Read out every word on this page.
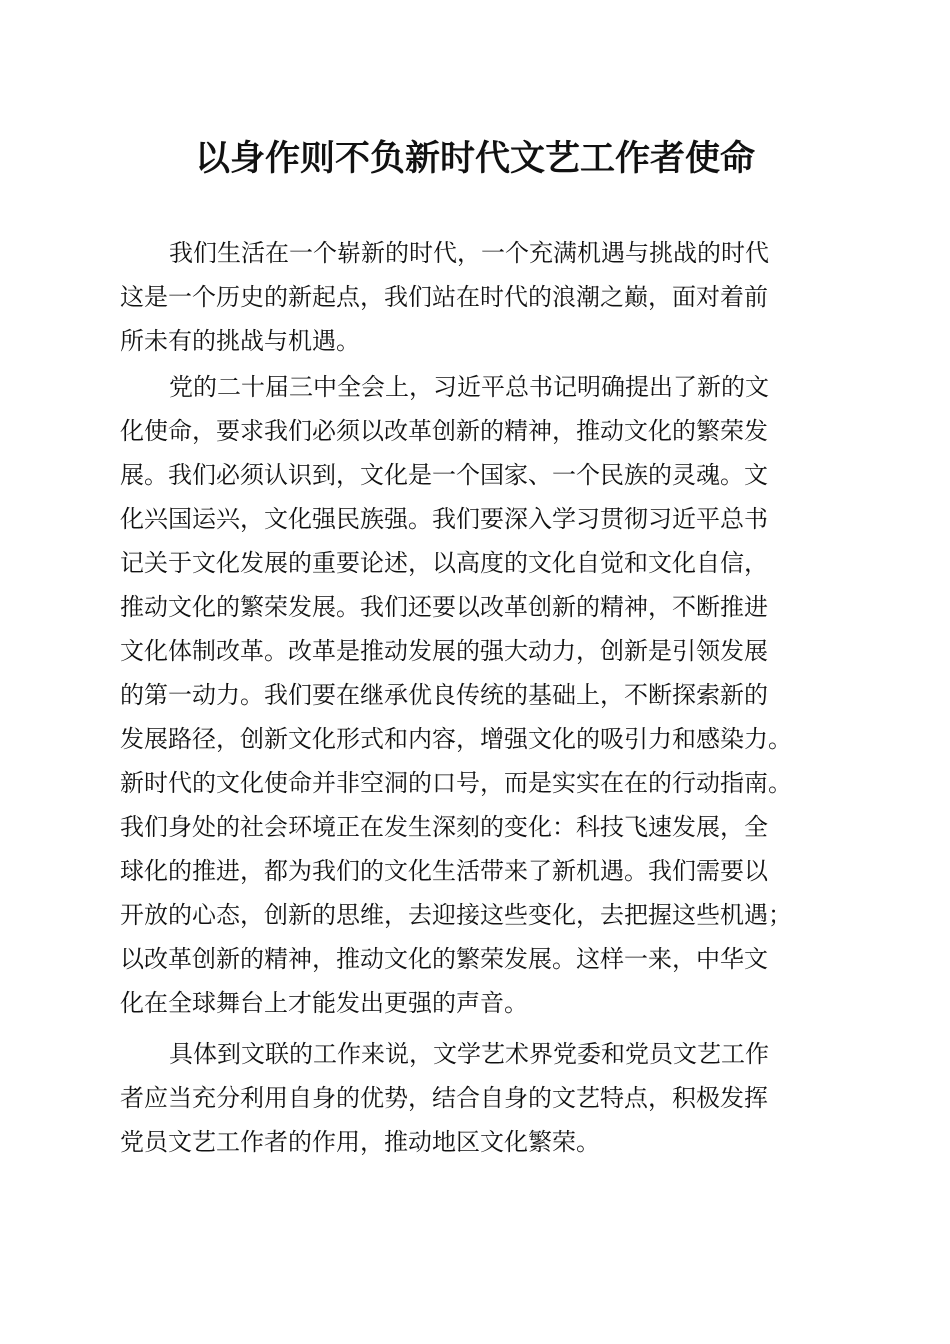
以身作则不负新时代文艺工作者使命

我们生活在一个崭新的时代，一个充满机遇与挑战的时代

这是一个历史的新起点，我们站在时代的浪潮之巅，面对着前

所未有的挑战与机遇。

党的二十届三中全会上，习近平总书记明确提出了新的文

化使命，要求我们必须以改革创新的精神，推动文化的繁荣发

展。我们必须认识到，文化是一个国家、一个民族的灵魂。文

化兴国运兴，文化强民族强。我们要深入学习贯彻习近平总书

记关于文化发展的重要论述，以高度的文化自觉和文化自信，

推动文化的繁荣发展。我们还要以改革创新的精神，不断推进

文化体制改革。改革是推动发展的强大动力，创新是引领发展

的第一动力。我们要在继承优良传统的基础上，不断探索新的

发展路径，创新文化形式和内容，增强文化的吸引力和感染力。

新时代的文化使命并非空洞的口号，而是实实在在的行动指南。

我们身处的社会环境正在发生深刻的变化：科技飞速发展，全

球化的推进，都为我们的文化生活带来了新机遇。我们需要以

开放的心态，创新的思维，去迎接这些变化，去把握这些机遇；

以改革创新的精神，推动文化的繁荣发展。这样一来，中华文

化在全球舞台上才能发出更强的声音。

具体到文联的工作来说，文学艺术界党委和党员文艺工作

者应当充分利用自身的优势，结合自身的文艺特点，积极发挥

党员文艺工作者的作用，推动地区文化繁荣。
